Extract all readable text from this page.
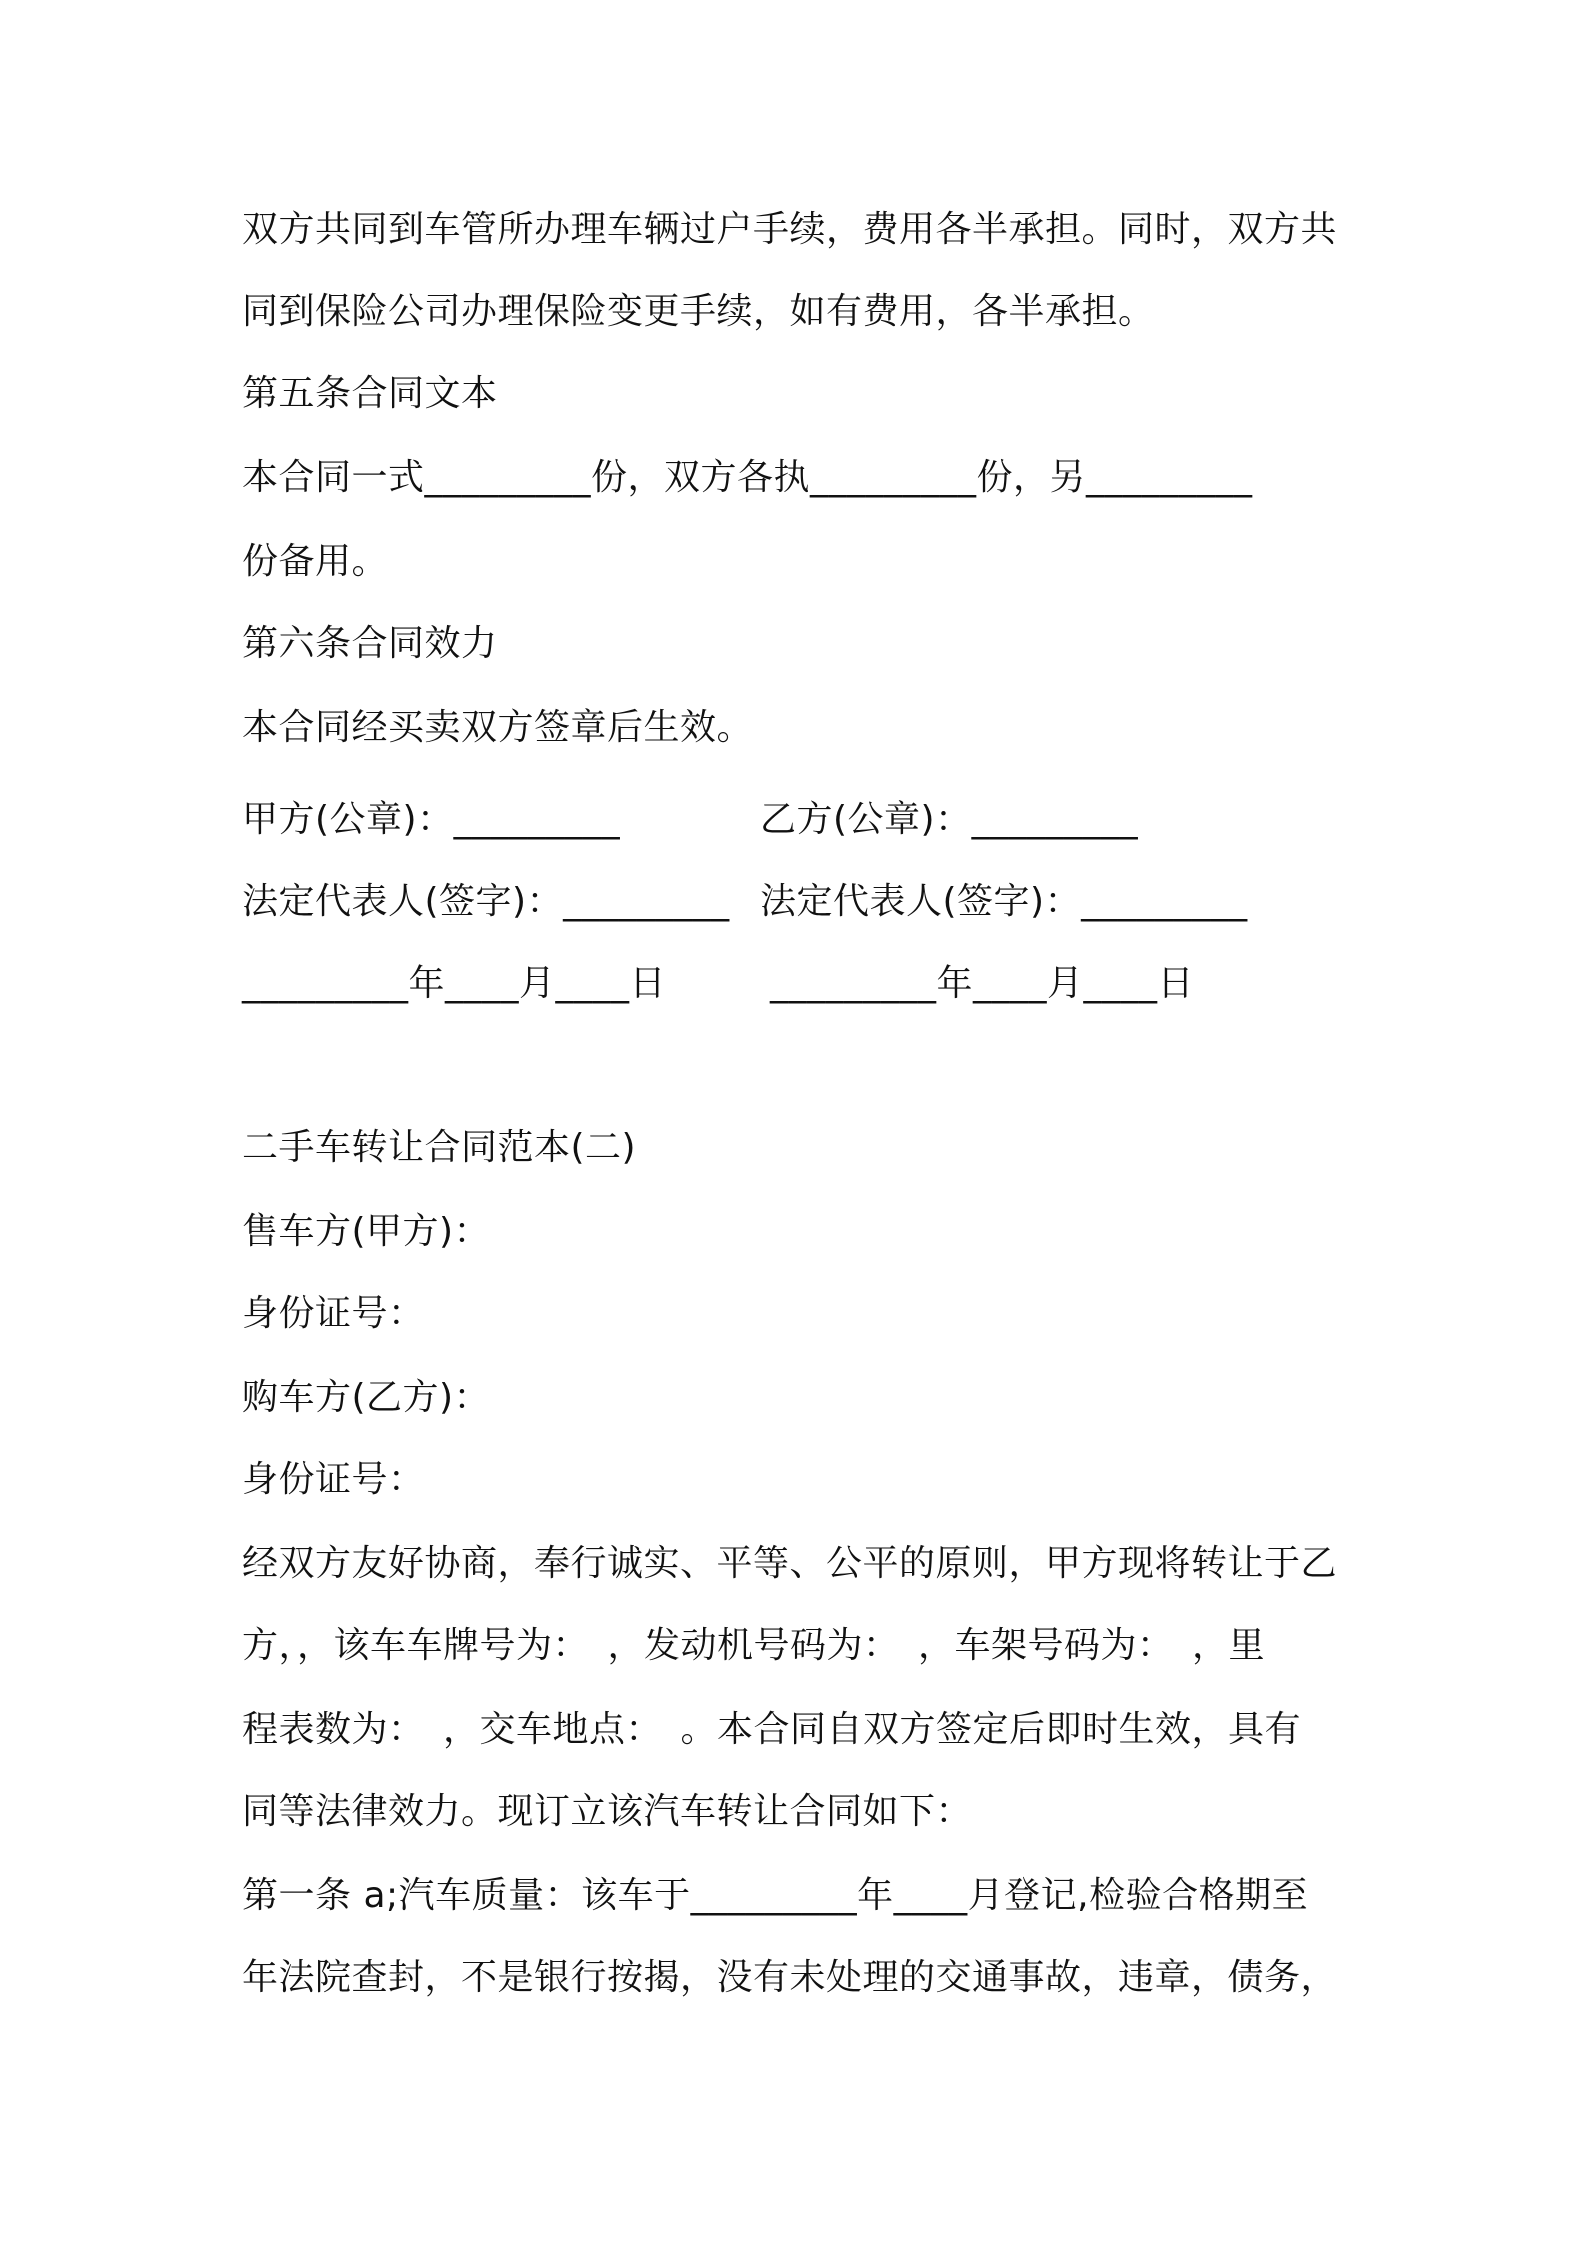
双方共同到车管所办理车辆过户手续，费用各半承担。同时，双方共
同到保险公司办理保险变更手续，如有费用，各半承担。
第五条合同文本
本合同一式_________份，双方各执_________份，另_________
份备用。
第六条合同效力
本合同经买卖双方签章后生效。
甲方(公章)：_________	乙方(公章)：_________
法定代表人(签字)：_________ 法定代表人(签字)：_________
_________年____月____日	_________年____月____日
二手车转让合同范本(二)
售车方(甲方)：
身份证号：
购车方(乙方)：
身份证号：
经双方友好协商，奉行诚实、平等、公平的原则，甲方现将转让于乙
方，，该车车牌号为：　，发动机号码为：　，车架号码为：　，里
程表数为：　，交车地点：　。本合同自双方签定后即时生效，具有
同等法律效力。现订立该汽车转让合同如下：
第一条 a;汽车质量：该车于_________年____月登记,检验合格期至
年法院查封，不是银行按揭，没有未处理的交通事故，违章，债务，
